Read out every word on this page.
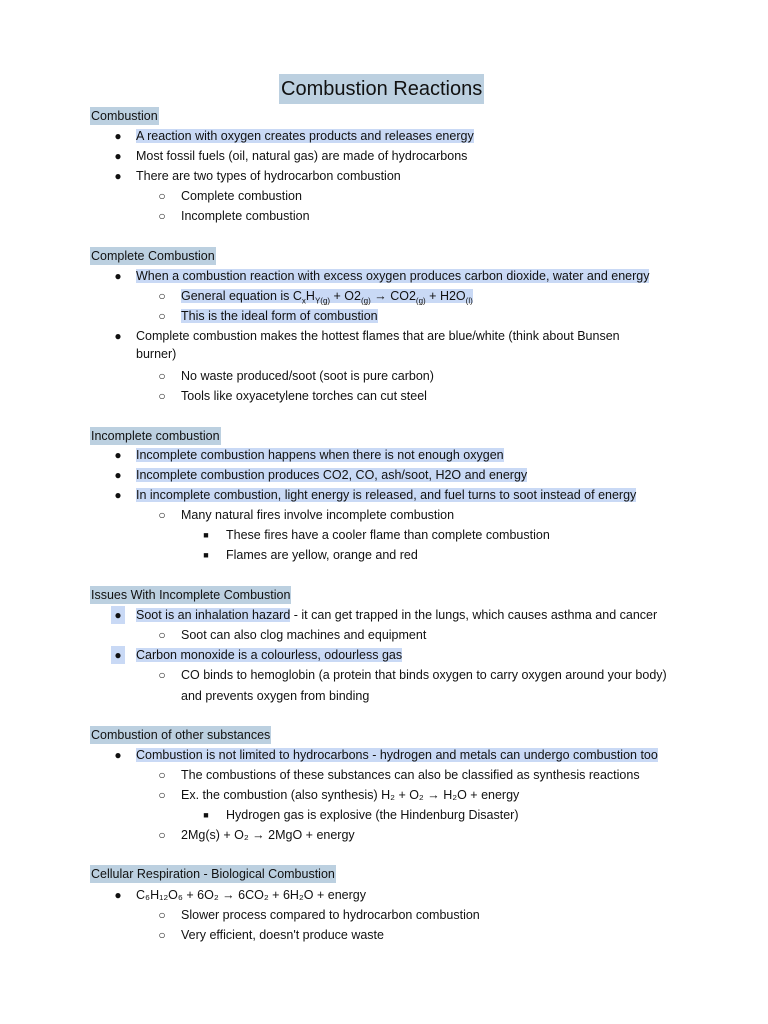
Combustion Reactions
Combustion
● A reaction with oxygen creates products and releases energy
● Most fossil fuels (oil, natural gas) are made of hydrocarbons
● There are two types of hydrocarbon combustion
○ Complete combustion
○ Incomplete combustion
Complete Combustion
● When a combustion reaction with excess oxygen produces carbon dioxide, water and energy
○ General equation is $C_xH_{Y(g)} + O2_{(g)} \to CO2_{(g)} + H2O_{(l)}$
○ This is the ideal form of combustion
● Complete combustion makes the hottest flames that are blue/white (think about Bunsen burner)
○ No waste produced/soot (soot is pure carbon)
○ Tools like oxyacetylene torches can cut steel
Incomplete combustion
● Incomplete combustion happens when there is not enough oxygen
● Incomplete combustion produces CO2, CO, ash/soot, H2O and energy
● In incomplete combustion, light energy is released, and fuel turns to soot instead of energy
○ Many natural fires involve incomplete combustion
■	These fires have a cooler flame than complete combustion
■	Flames are yellow, orange and red
Issues With Incomplete Combustion
● Soot is an inhalation hazard - it can get trapped in the lungs, which causes asthma and cancer
○ Soot can also clog machines and equipment
● Carbon monoxide is a colourless, odourless gas
○ CO binds to hemoglobin (a protein that binds oxygen to carry oxygen around your body)
and prevents oxygen from binding
Combustion of other substances
● Combustion is not limited to hydrocarbons - hydrogen and metals can undergo combustion too
○ The combustions of these substances can also be classified as synthesis reactions
○ Ex. the combustion (also synthesis) H₂ + O₂ → H₂O + energy
■	Hydrogen gas is explosive (the Hindenburg Disaster)
○ 2Mg(s) + O₂ → 2MgO + energy
Cellular Respiration - Biological Combustion
● C₆H₁₂O₆ + 6O₂ → 6CO₂ + 6H₂O + energy
○ Slower process compared to hydrocarbon combustion
○ Very efficient, doesn't produce waste
